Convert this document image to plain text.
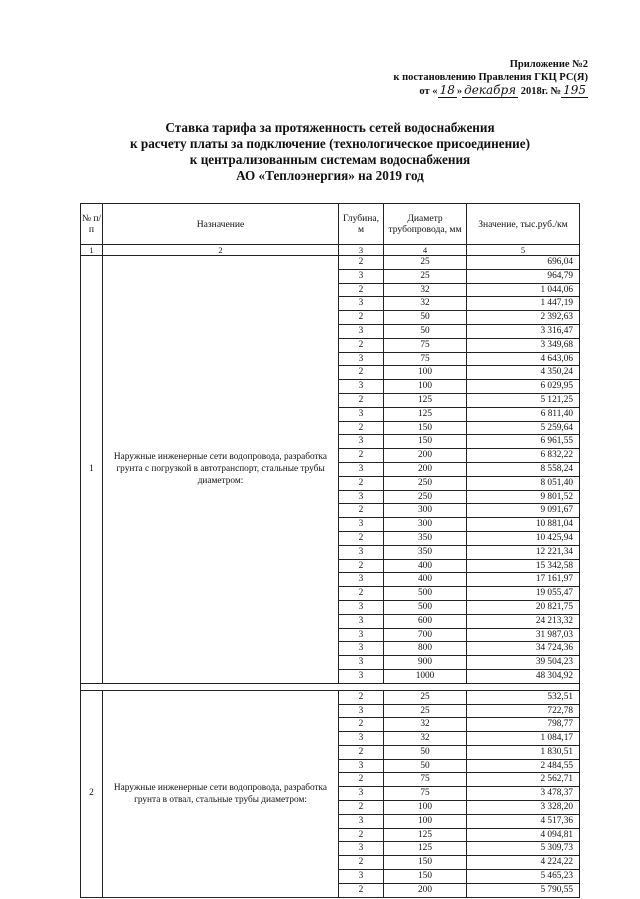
Приложение №2
к постановлению Правления ГКЦ РС(Я)
от « 18 » декабря 2018г. № 195
Ставка тарифа за протяженность сетей водоснабжения
к расчету платы за подключение (технологическое присоединение)
к централизованным системам водоснабжения
АО «Теплоэнергия» на 2019 год
№ п/п	Назначение	Глубина, м	Диаметр трубопровода, мм	Значение, тыс.руб./км
1	2	3	4	5
1	Наружные инженерные сети водопровода, разработка грунта с погрузкой в автотранспорт, стальные трубы диаметром:	2	25	696,04
		3	25	964,79
		2	32	1 044,06
		3	32	1 447,19
		2	50	2 392,63
		3	50	3 316,47
		2	75	3 349,68
		3	75	4 643,06
		2	100	4 350,24
		3	100	6 029,95
		2	125	5 121,25
		3	125	6 811,40
		2	150	5 259,64
		3	150	6 961,55
		2	200	6 832,22
		3	200	8 558,24
		2	250	8 051,40
		3	250	9 801,52
		2	300	9 091,67
		3	300	10 881,04
		2	350	10 425,94
		3	350	12 221,34
		2	400	15 342,58
		3	400	17 161,97
		2	500	19 055,47
		3	500	20 821,75
		3	600	24 213,32
		3	700	31 987,03
		3	800	34 724,36
		3	900	39 504,23
		3	1000	48 304,92

2	Наружные инженерные сети водопровода, разработка грунта в отвал, стальные трубы диаметром:	2	25	532,51
		3	25	722,78
		2	32	798,77
		3	32	1 084,17
		2	50	1 830,51
		3	50	2 484,55
		2	75	2 562,71
		3	75	3 478,37
		2	100	3 328,20
		3	100	4 517,36
		2	125	4 094,81
		3	125	5 309,73
		2	150	4 224,22
		3	150	5 465,23
		2	200	5 790,55
